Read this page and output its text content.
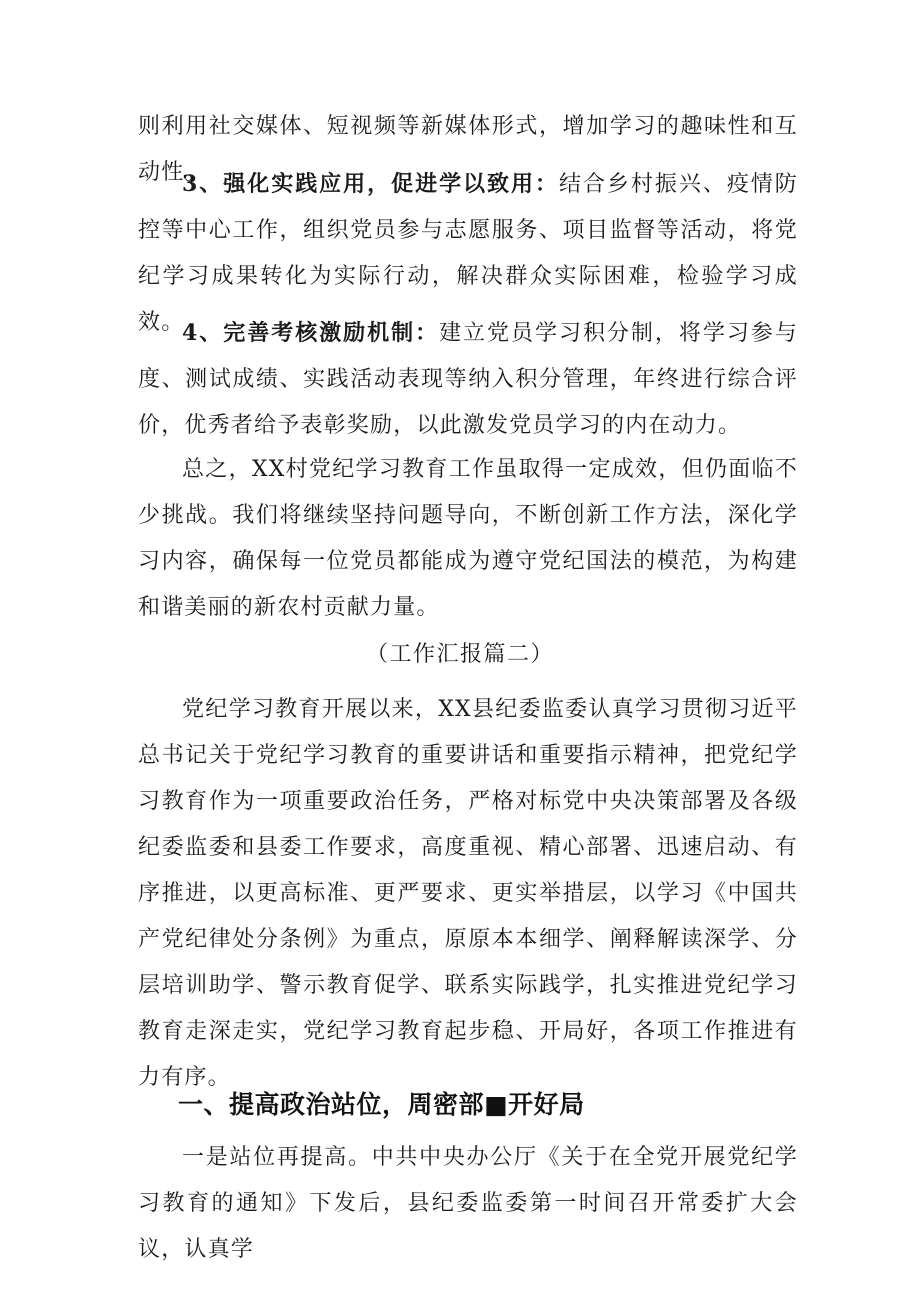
则利用社交媒体、短视频等新媒体形式，增加学习的趣味性和互动性。

3、强化实践应用，促进学以致用：结合乡村振兴、疫情防控等中心工作，组织党员参与志愿服务、项目监督等活动，将党纪学习成果转化为实际行动，解决群众实际困难，检验学习成效。

4、完善考核激励机制：建立党员学习积分制，将学习参与度、测试成绩、实践活动表现等纳入积分管理，年终进行综合评价，优秀者给予表彰奖励，以此激发党员学习的内在动力。

总之，XX村党纪学习教育工作虽取得一定成效，但仍面临不少挑战。我们将继续坚持问题导向，不断创新工作方法，深化学习内容，确保每一位党员都能成为遵守党纪国法的模范，为构建和谐美丽的新农村贡献力量。

（工作汇报篇二）

党纪学习教育开展以来，XX县纪委监委认真学习贯彻习近平总书记关于党纪学习教育的重要讲话和重要指示精神，把党纪学习教育作为一项重要政治任务，严格对标党中央决策部署及各级纪委监委和县委工作要求，高度重视、精心部署、迅速启动、有序推进，以更高标准、更严要求、更实举措层，以学习《中国共产党纪律处分条例》为重点，原原本本细学、阐释解读深学、分层培训助学、警示教育促学、联系实际践学，扎实推进党纪学习教育走深走实，党纪学习教育起步稳、开局好，各项工作推进有力有序。

一、提高政治站位，周密部■开好局

一是站位再提高。中共中央办公厅《关于在全党开展党纪学习教育的通知》下发后，县纪委监委第一时间召开常委扩大会议，认真学
